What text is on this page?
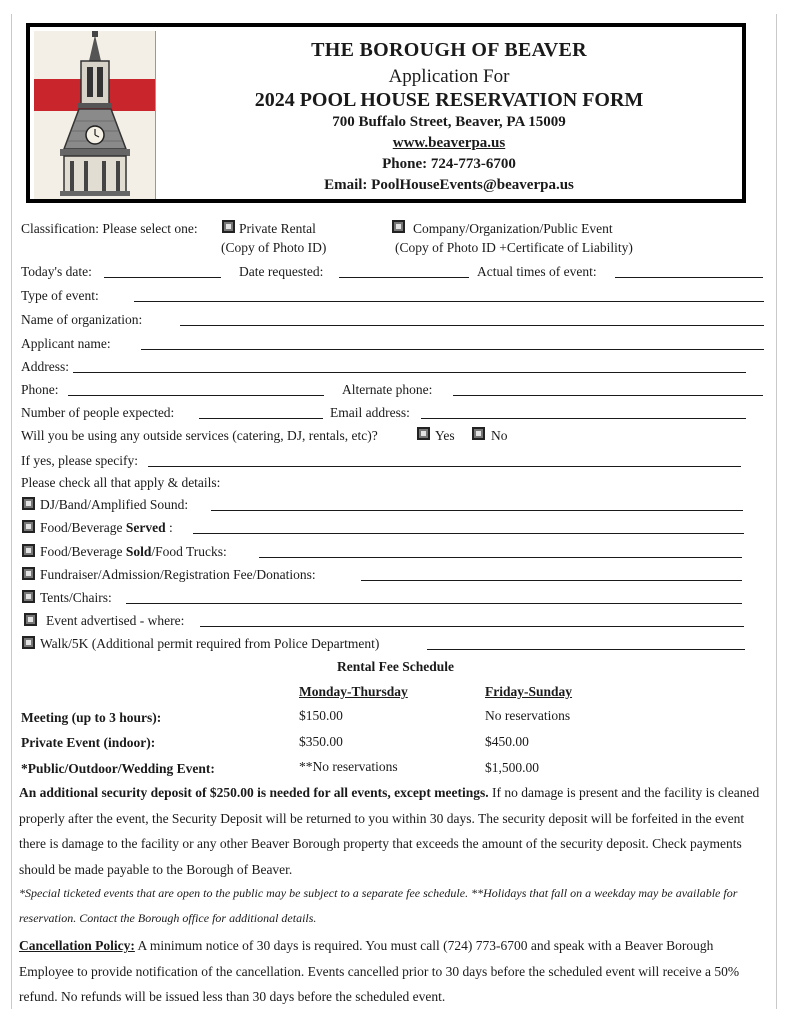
THE BOROUGH OF BEAVER
Application For
2024 POOL HOUSE RESERVATION FORM
700 Buffalo Street, Beaver, PA 15009
www.beaverpa.us
Phone: 724-773-6700
Email: PoolHouseEvents@beaverpa.us
Classification: Please select one:	Private Rental
(Copy of Photo ID)
Company/Organization/Public Event
(Copy of Photo ID +Certificate of Liability)
Today's date:	Date requested:	Actual times of event:
Type of event:
Name of organization:
Applicant name:
Address:
Phone:	Alternate phone:
Number of people expected:	Email address:
Will you be using any outside services (catering, DJ, rentals, etc)?	Yes	No
If yes, please specify:
Please check all that apply & details:
DJ/Band/Amplified Sound:
Food/Beverage Served :
Food/Beverage Sold/Food Trucks:
Fundraiser/Admission/Registration Fee/Donations:
Tents/Chairs:
Event advertised - where:
Walk/5K (Additional permit required from Police Department)
Rental Fee Schedule
Monday-Thursday	Friday-Sunday
Meeting (up to 3 hours):	$150.00	No reservations
Private Event (indoor):	$350.00	$450.00
*Public/Outdoor/Wedding Event:	**No reservations	$1,500.00
An additional security deposit of $250.00 is needed for all events, except meetings. If no damage is present and the facility is cleaned properly after the event, the Security Deposit will be returned to you within 30 days. The security deposit will be forfeited in the event there is damage to the facility or any other Beaver Borough property that exceeds the amount of the security deposit. Check payments should be made payable to the Borough of Beaver.
*Special ticketed events that are open to the public may be subject to a separate fee schedule. **Holidays that fall on a weekday may be available for reservation. Contact the Borough office for additional details.
Cancellation Policy: A minimum notice of 30 days is required. You must call (724) 773-6700 and speak with a Beaver Borough Employee to provide notification of the cancellation. Events cancelled prior to 30 days before the scheduled event will receive a 50% refund. No refunds will be issued less than 30 days before the scheduled event.
